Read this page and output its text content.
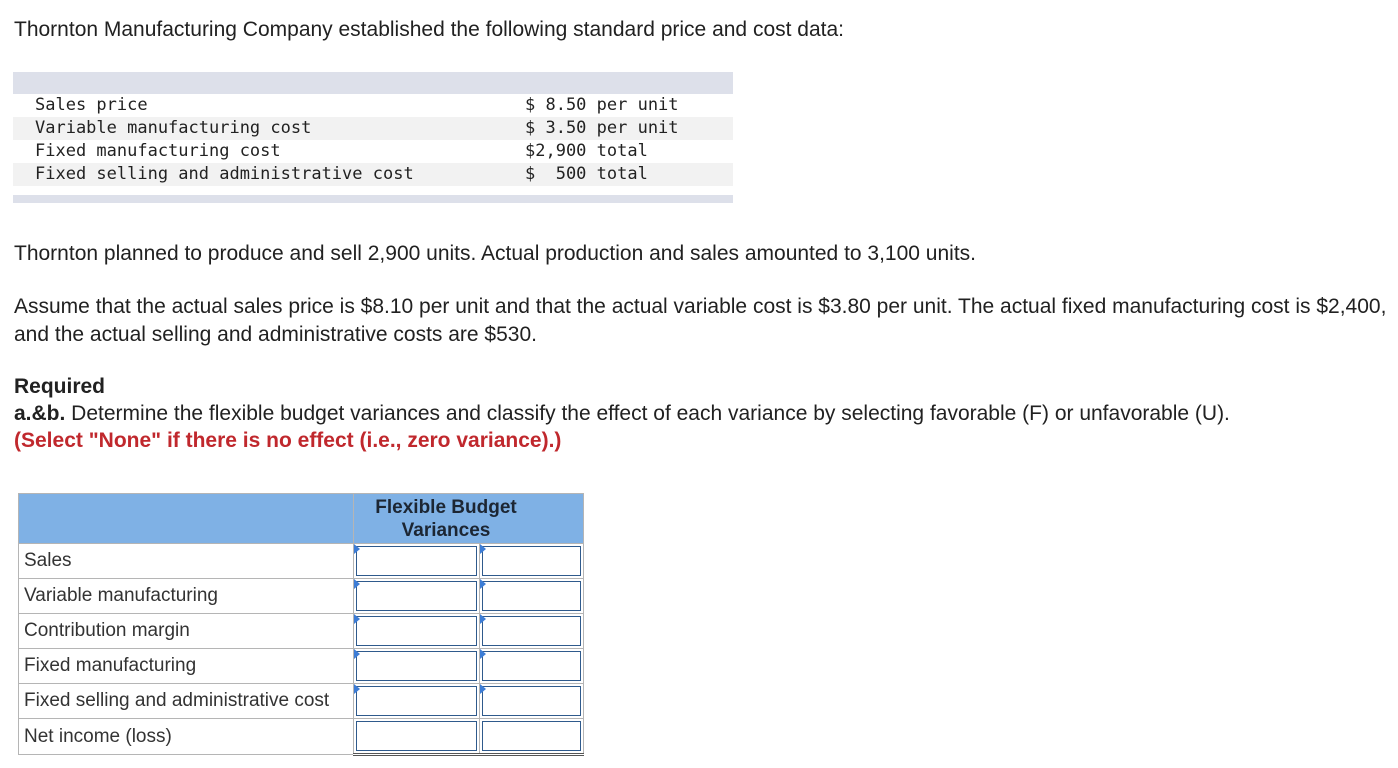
Thornton Manufacturing Company established the following standard price and cost data:

Sales price	$ 8.50 per unit
Variable manufacturing cost	$ 3.50 per unit
Fixed manufacturing cost	$2,900 total
Fixed selling and administrative cost	$  500 total

Thornton planned to produce and sell 2,900 units. Actual production and sales amounted to 3,100 units.

Assume that the actual sales price is $8.10 per unit and that the actual variable cost is $3.80 per unit. The actual fixed manufacturing cost is $2,400, and the actual selling and administrative costs are $530.

Required

a.&b. Determine the flexible budget variances and classify the effect of each variance by selecting favorable (F) or unfavorable (U).

(Select "None" if there is no effect (i.e., zero variance).)

	Flexible Budget Variances	

Sales	

Variable manufacturing	

Contribution margin	

Fixed manufacturing	

Fixed selling and administrative cost	

Net income (loss)	
